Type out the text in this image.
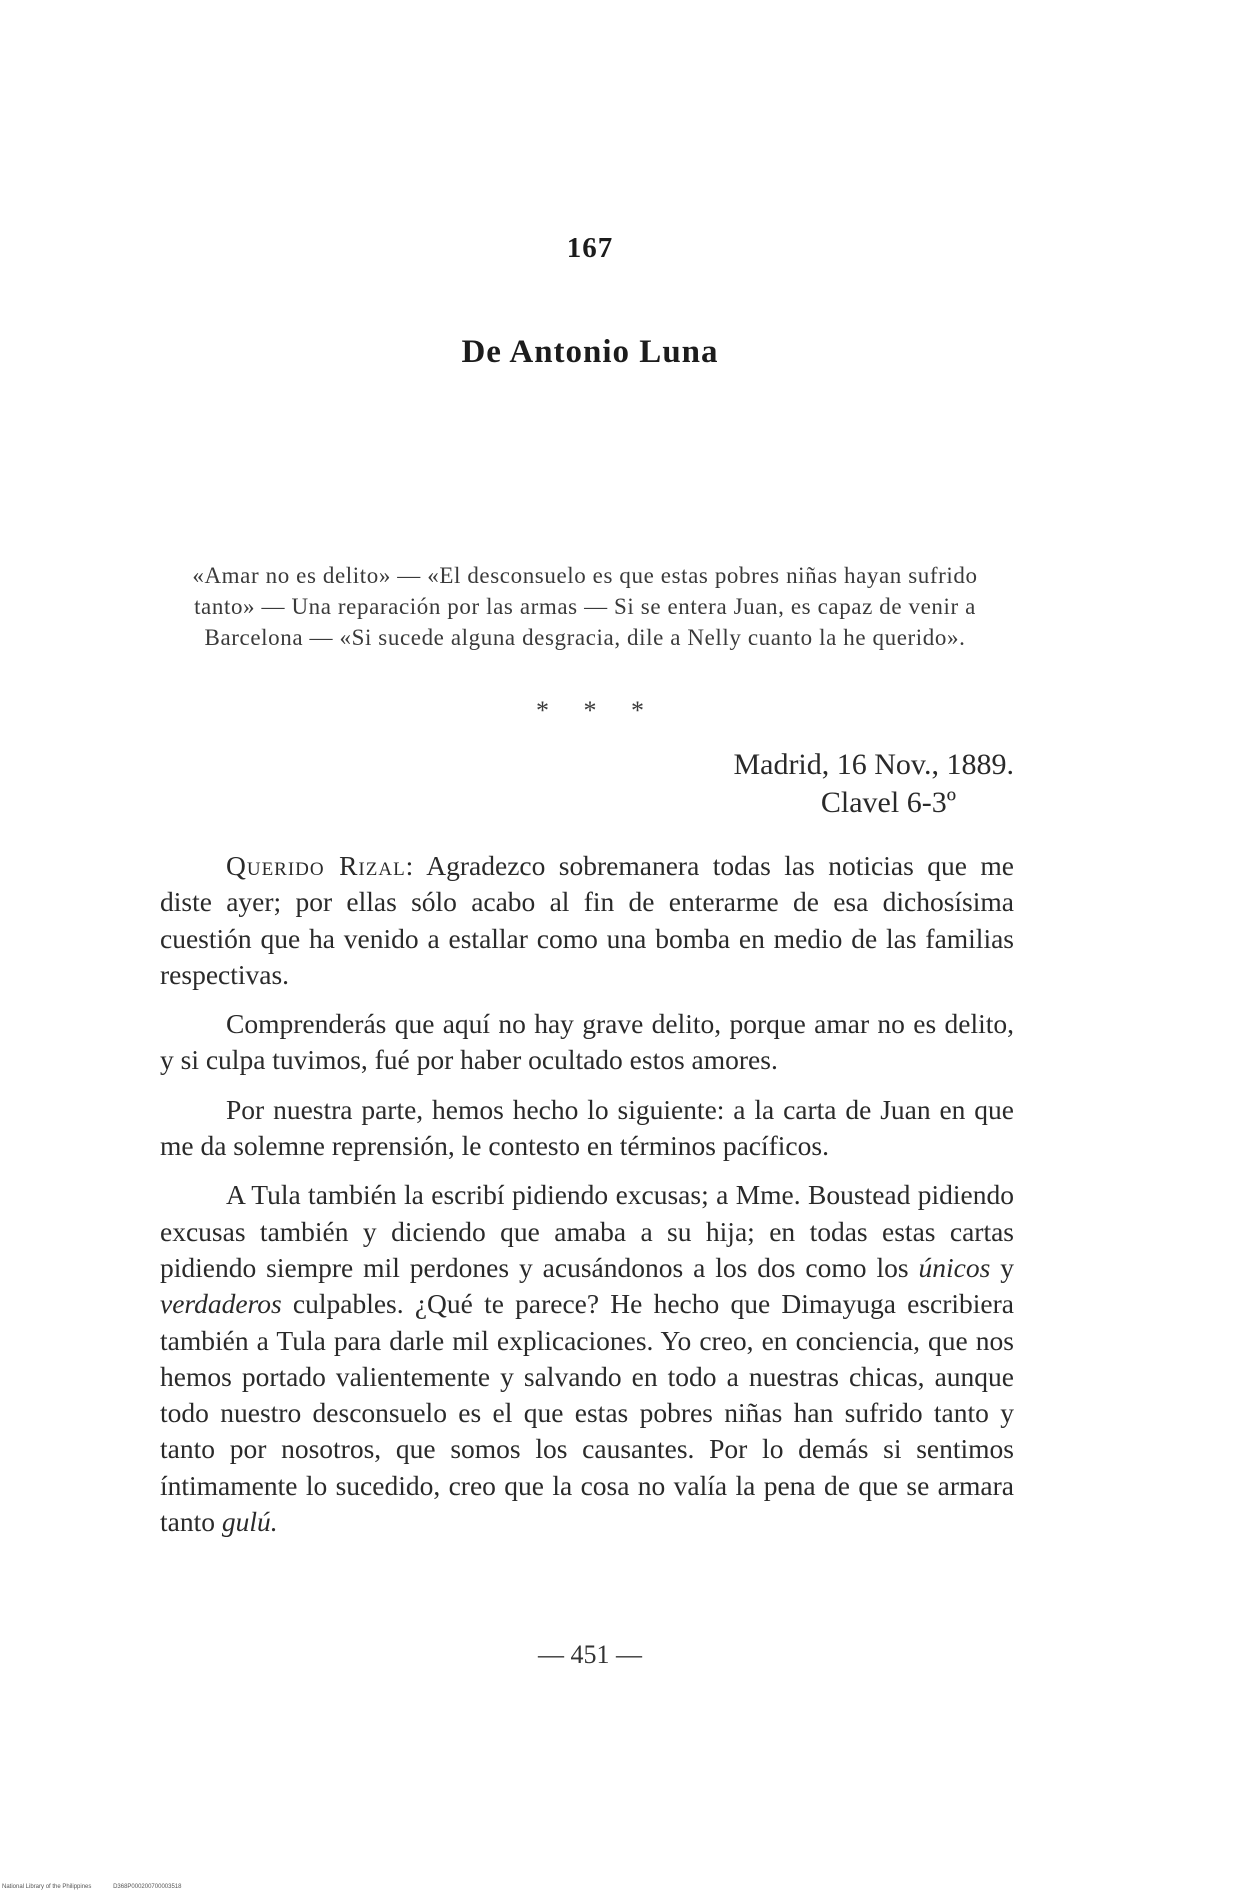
167
De Antonio Luna
«Amar no es delito» — «El desconsuelo es que estas pobres niñas hayan sufrido tanto» — Una reparación por las armas — Si se entera Juan, es capaz de venir a Barcelona — «Si sucede alguna desgracia, dile a Nelly cuanto la he querido».
* * *
Madrid, 16 Nov., 1889.
Clavel 6-3º

Querido Rizal: Agradezco sobremanera todas las noticias que me diste ayer; por ellas sólo acabo al fin de enterarme de esa dichosísima cuestión que ha venido a estallar como una bomba en medio de las familias respectivas.

Comprenderás que aquí no hay grave delito, porque amar no es delito, y si culpa tuvimos, fué por haber ocultado estos amores.

Por nuestra parte, hemos hecho lo siguiente: a la carta de Juan en que me da solemne reprensión, le contesto en términos pacíficos.

A Tula también la escribí pidiendo excusas; a Mme. Boustead pidiendo excusas también y diciendo que amaba a su hija; en todas estas cartas pidiendo siempre mil perdones y acusándonos a los dos como los únicos y verdaderos culpables. ¿Qué te parece? He hecho que Dimayuga escribiera también a Tula para darle mil explicaciones. Yo creo, en conciencia, que nos hemos portado valientemente y salvando en todo a nuestras chicas, aunque todo nuestro desconsuelo es el que estas pobres niñas han sufrido tanto y tanto por nosotros, que somos los causantes. Por lo demás si sentimos íntimamente lo sucedido, creo que la cosa no valía la pena de que se armara tanto gulú.

— 451 —
National Library of the Philippines	D368P000200700003518
